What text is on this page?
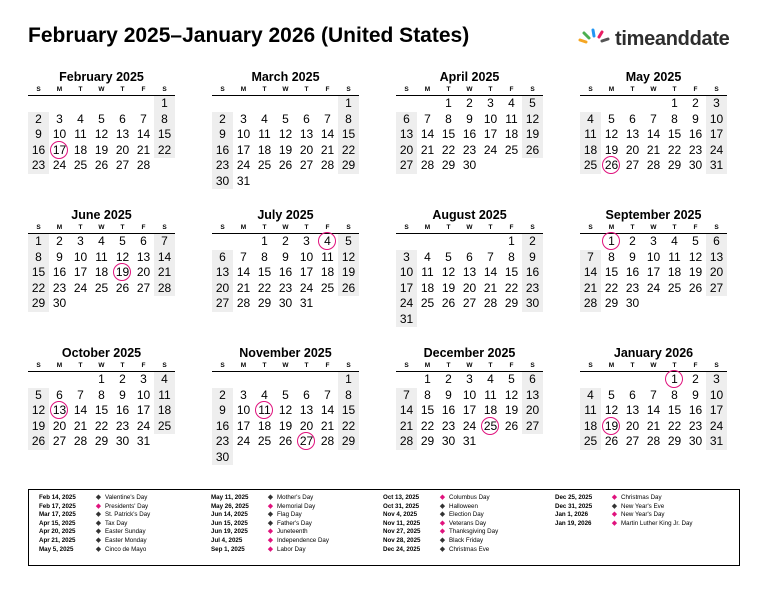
February 2025–January 2026 (United States)	timeanddate
February 2025
S	M	T	W	T	F	S
						1
2	3	4	5	6	7	8
9	10	11	12	13	14	15
16	17	18	19	20	21	22
23	24	25	26	27	28	
March 2025
S	M	T	W	T	F	S
						1
2	3	4	5	6	7	8
9	10	11	12	13	14	15
16	17	18	19	20	21	22
23	24	25	26	27	28	29
30	31					
April 2025
S	M	T	W	T	F	S
		1	2	3	4	5
6	7	8	9	10	11	12
13	14	15	16	17	18	19
20	21	22	23	24	25	26
27	28	29	30			
May 2025
S	M	T	W	T	F	S
				1	2	3
4	5	6	7	8	9	10
11	12	13	14	15	16	17
18	19	20	21	22	23	24
25	26	27	28	29	30	31
June 2025
S	M	T	W	T	F	S
1	2	3	4	5	6	7
8	9	10	11	12	13	14
15	16	17	18	19	20	21
22	23	24	25	26	27	28
29	30					
July 2025
S	M	T	W	T	F	S
		1	2	3	4	5
6	7	8	9	10	11	12
13	14	15	16	17	18	19
20	21	22	23	24	25	26
27	28	29	30	31		
August 2025
S	M	T	W	T	F	S
					1	2
3	4	5	6	7	8	9
10	11	12	13	14	15	16
17	18	19	20	21	22	23
24	25	26	27	28	29	30
31						
September 2025
S	M	T	W	T	F	S
	1	2	3	4	5	6
7	8	9	10	11	12	13
14	15	16	17	18	19	20
21	22	23	24	25	26	27
28	29	30				
October 2025
S	M	T	W	T	F	S
			1	2	3	4
5	6	7	8	9	10	11
12	13	14	15	16	17	18
19	20	21	22	23	24	25
26	27	28	29	30	31	
November 2025
S	M	T	W	T	F	S
						1
2	3	4	5	6	7	8
9	10	11	12	13	14	15
16	17	18	19	20	21	22
23	24	25	26	27	28	29
30						
December 2025
S	M	T	W	T	F	S
	1	2	3	4	5	6
7	8	9	10	11	12	13
14	15	16	17	18	19	20
21	22	23	24	25	26	27
28	29	30	31			
January 2026
S	M	T	W	T	F	S
				1	2	3
4	5	6	7	8	9	10
11	12	13	14	15	16	17
18	19	20	21	22	23	24
25	26	27	28	29	30	31
Feb 14, 2025	◆ Valentine's Day
Feb 17, 2025	◆ Presidents' Day
Mar 17, 2025	◆ St. Patrick's Day
Apr 15, 2025	◆ Tax Day
Apr 20, 2025	◆ Easter Sunday
Apr 21, 2025	◆ Easter Monday
May 5, 2025	◆ Cinco de Mayo
May 11, 2025	◆ Mother's Day
May 26, 2025	◆ Memorial Day
Jun 14, 2025	◆ Flag Day
Jun 15, 2025	◆ Father's Day
Jun 19, 2025	◆ Juneteenth
Jul 4, 2025	◆ Independence Day
Sep 1, 2025	◆ Labor Day
Oct 13, 2025	◆ Columbus Day
Oct 31, 2025	◆ Halloween
Nov 4, 2025	◆ Election Day
Nov 11, 2025	◆ Veterans Day
Nov 27, 2025	◆ Thanksgiving Day
Nov 28, 2025	◆ Black Friday
Dec 24, 2025	◆ Christmas Eve
Dec 25, 2025	◆ Christmas Day
Dec 31, 2025	◆ New Year's Eve
Jan 1, 2026	◆ New Year's Day
Jan 19, 2026	◆ Martin Luther King Jr. Day
